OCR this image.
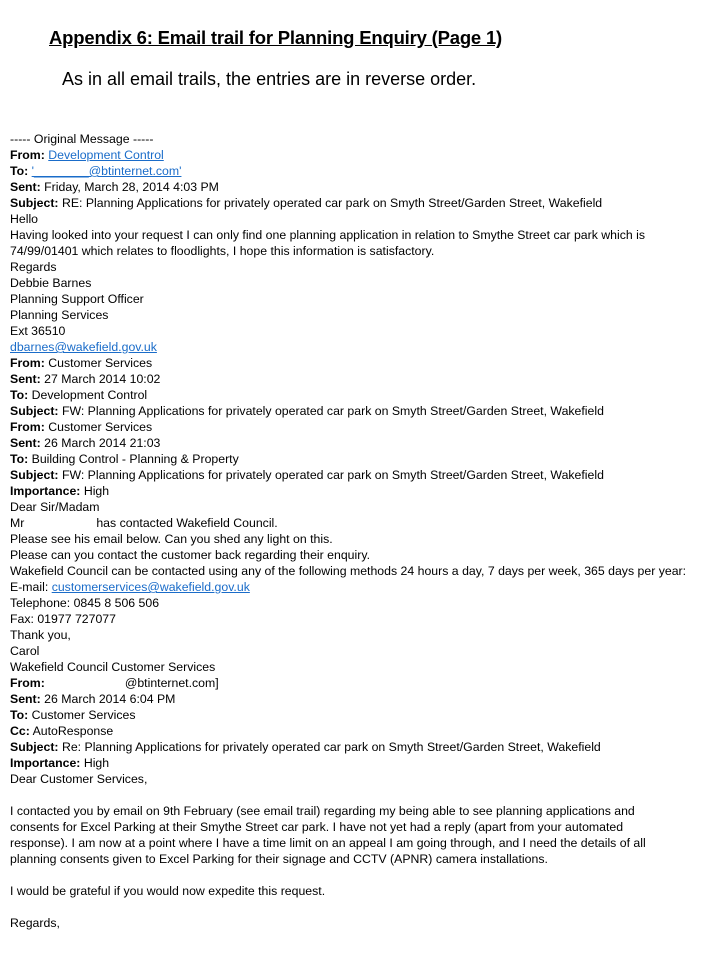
Appendix 6: Email trail for Planning Enquiry (Page 1)
As in all email trails, the entries are in reverse order.
----- Original Message -----
From: Development Control
To: '________@btinternet.com'
Sent: Friday, March 28, 2014 4:03 PM
Subject: RE: Planning Applications for privately operated car park on Smyth Street/Garden Street, Wakefield
Hello
Having looked into your request I can only find one planning application in relation to Smythe Street car park which is
74/99/01401 which relates to floodlights, I hope this information is satisfactory.
Regards
Debbie Barnes
Planning Support Officer
Planning Services
Ext 36510
dbarnes@wakefield.gov.uk
From: Customer Services
Sent: 27 March 2014 10:02
To: Development Control
Subject: FW: Planning Applications for privately operated car park on Smyth Street/Garden Street, Wakefield
From: Customer Services
Sent: 26 March 2014 21:03
To: Building Control - Planning & Property
Subject: FW: Planning Applications for privately operated car park on Smyth Street/Garden Street, Wakefield
Importance: High
Dear Sir/Madam
Mr	has contacted Wakefield Council.
Please see his email below. Can you shed any light on this.
Please can you contact the customer back regarding their enquiry.
Wakefield Council can be contacted using any of the following methods 24 hours a day, 7 days per week, 365 days per year:
E-mail: customerservices@wakefield.gov.uk
Telephone: 0845 8 506 506
Fax: 01977 727077
Thank you,
Carol
Wakefield Council Customer Services
From:	@btinternet.com]
Sent: 26 March 2014 6:04 PM
To: Customer Services
Cc: AutoResponse
Subject: Re: Planning Applications for privately operated car park on Smyth Street/Garden Street, Wakefield
Importance: High
Dear Customer Services,
I contacted you by email on 9th February (see email trail) regarding my being able to see planning applications and
consents for Excel Parking at their Smythe Street car park. I have not yet had a reply (apart from your automated
response). I am now at a point where I have a time limit on an appeal I am going through, and I need the details of all
planning consents given to Excel Parking for their signage and CCTV (APNR) camera installations.
I would be grateful if you would now expedite this request.
Regards,
